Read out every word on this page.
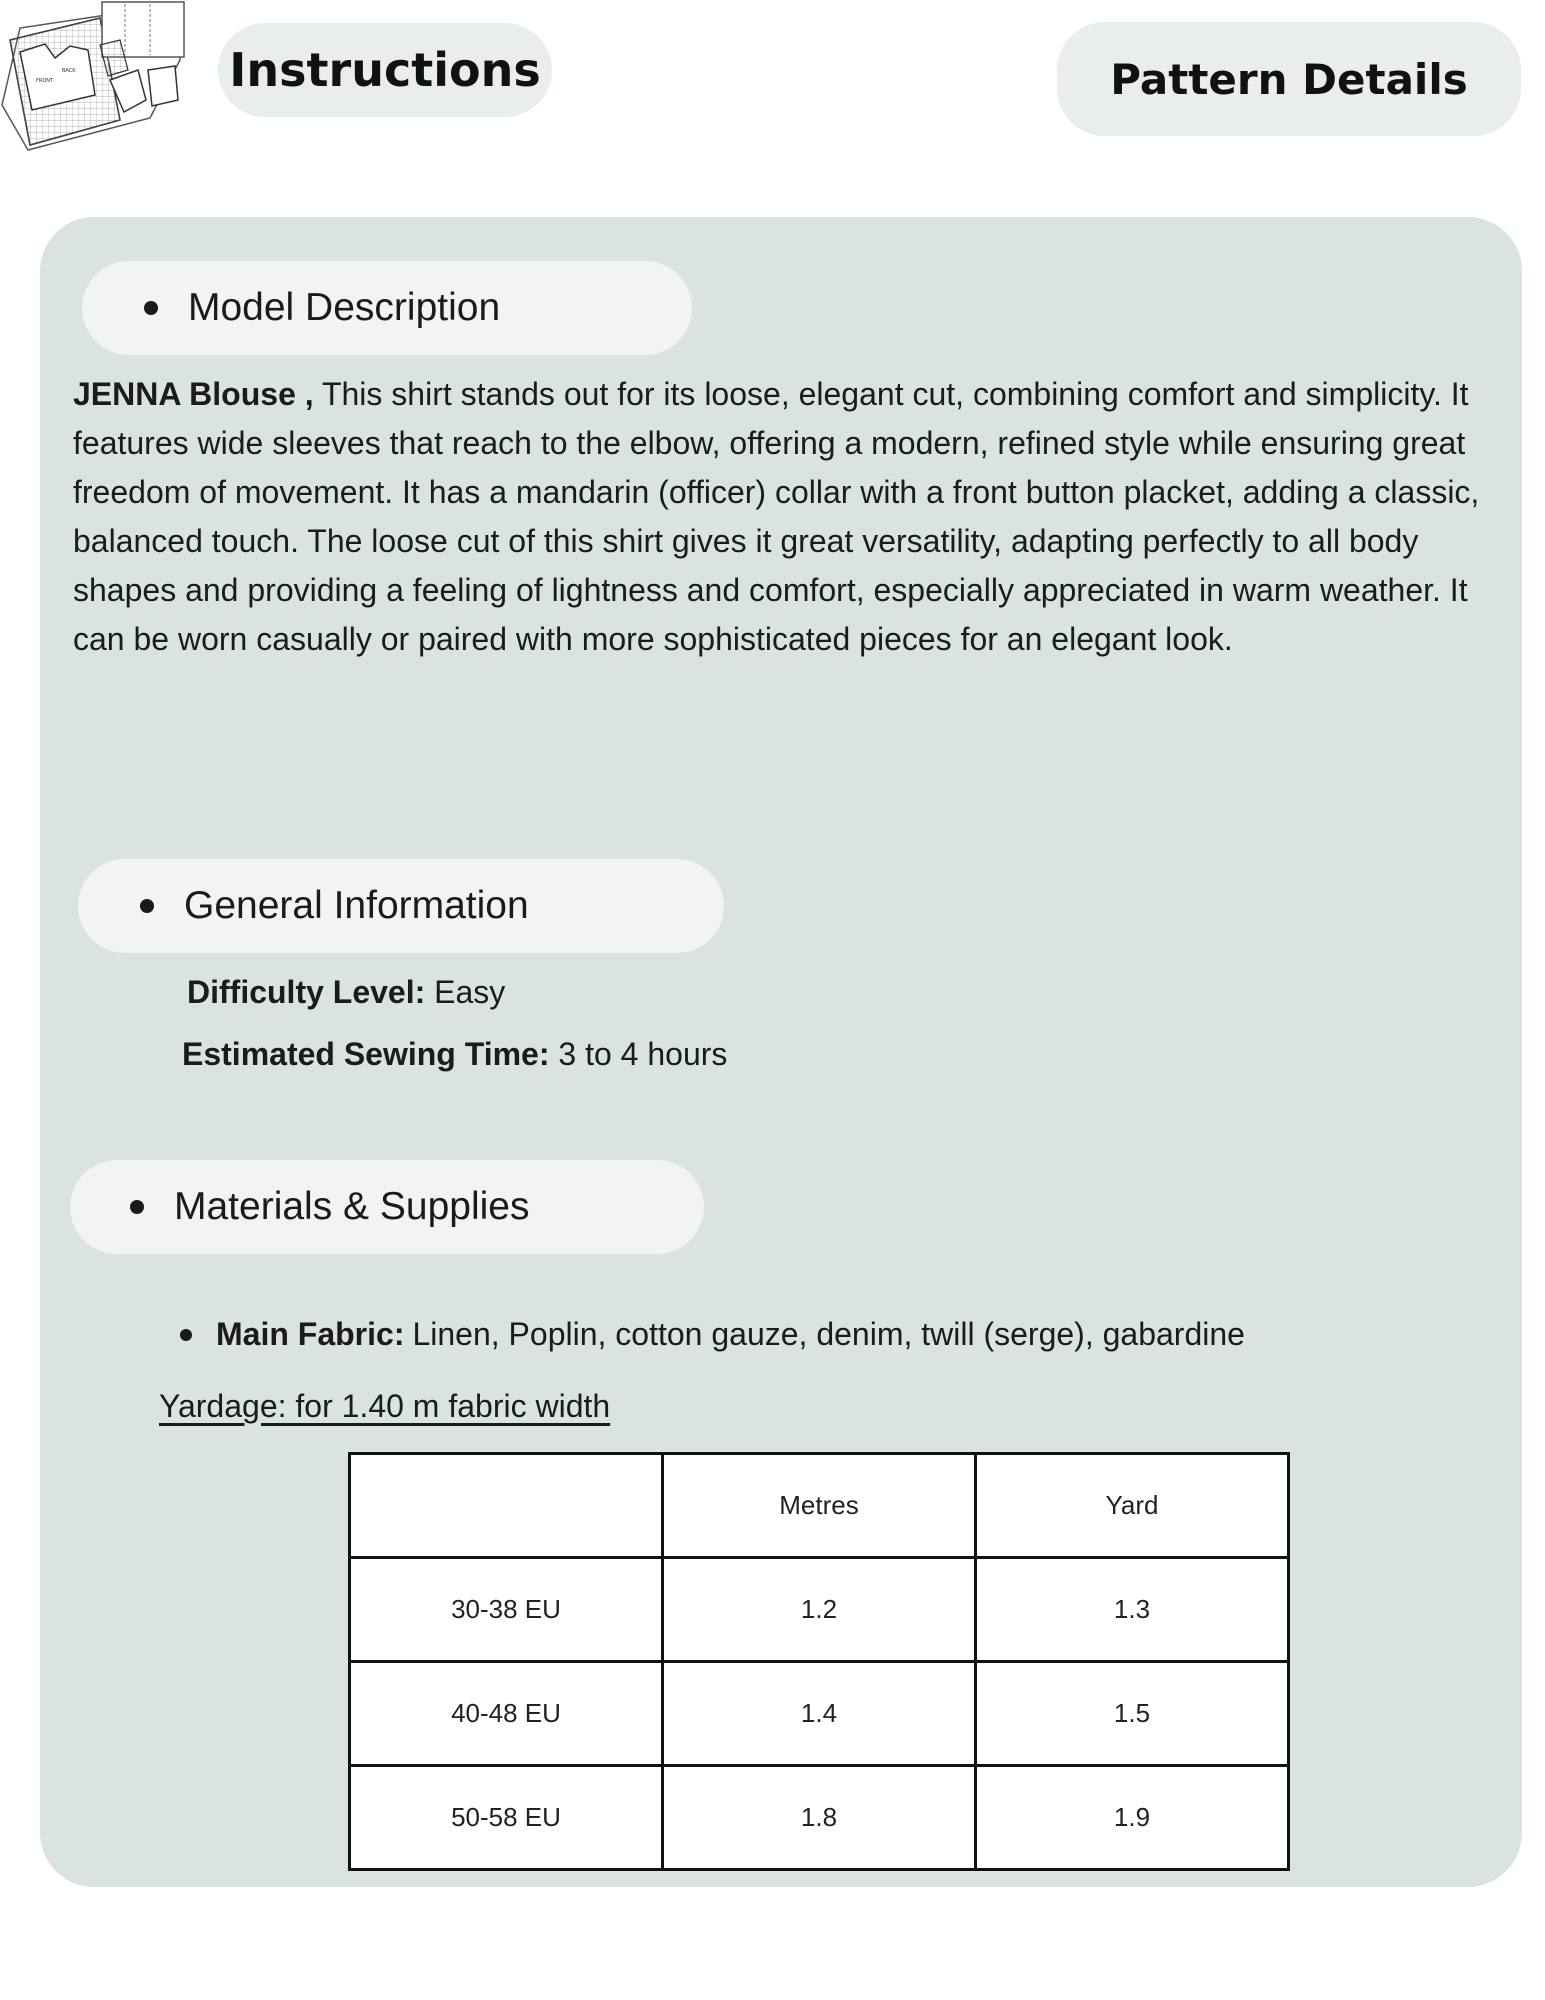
FRONT
BACK	Instructions	Pattern Details
Model Description

JENNA Blouse , This shirt stands out for its loose, elegant cut, combining comfort and simplicity. It features wide sleeves that reach to the elbow, offering a modern, refined style while ensuring great freedom of movement. It has a mandarin (officer) collar with a front button placket, adding a classic, balanced touch. The loose cut of this shirt gives it great versatility, adapting perfectly to all body shapes and providing a feeling of lightness and comfort, especially appreciated in warm weather. It can be worn casually or paired with more sophisticated pieces for an elegant look.

General Information
Difficulty Level: Easy
Estimated Sewing Time: 3 to 4 hours
Materials & Supplies
Main Fabric: Linen, Poplin, cotton gauze, denim, twill (serge), gabardine
Yardage: for 1.40 m fabric width
	Metres	Yard
30-38 EU	1.2	1.3
40-48 EU	1.4	1.5
50-58 EU	1.8	1.9
